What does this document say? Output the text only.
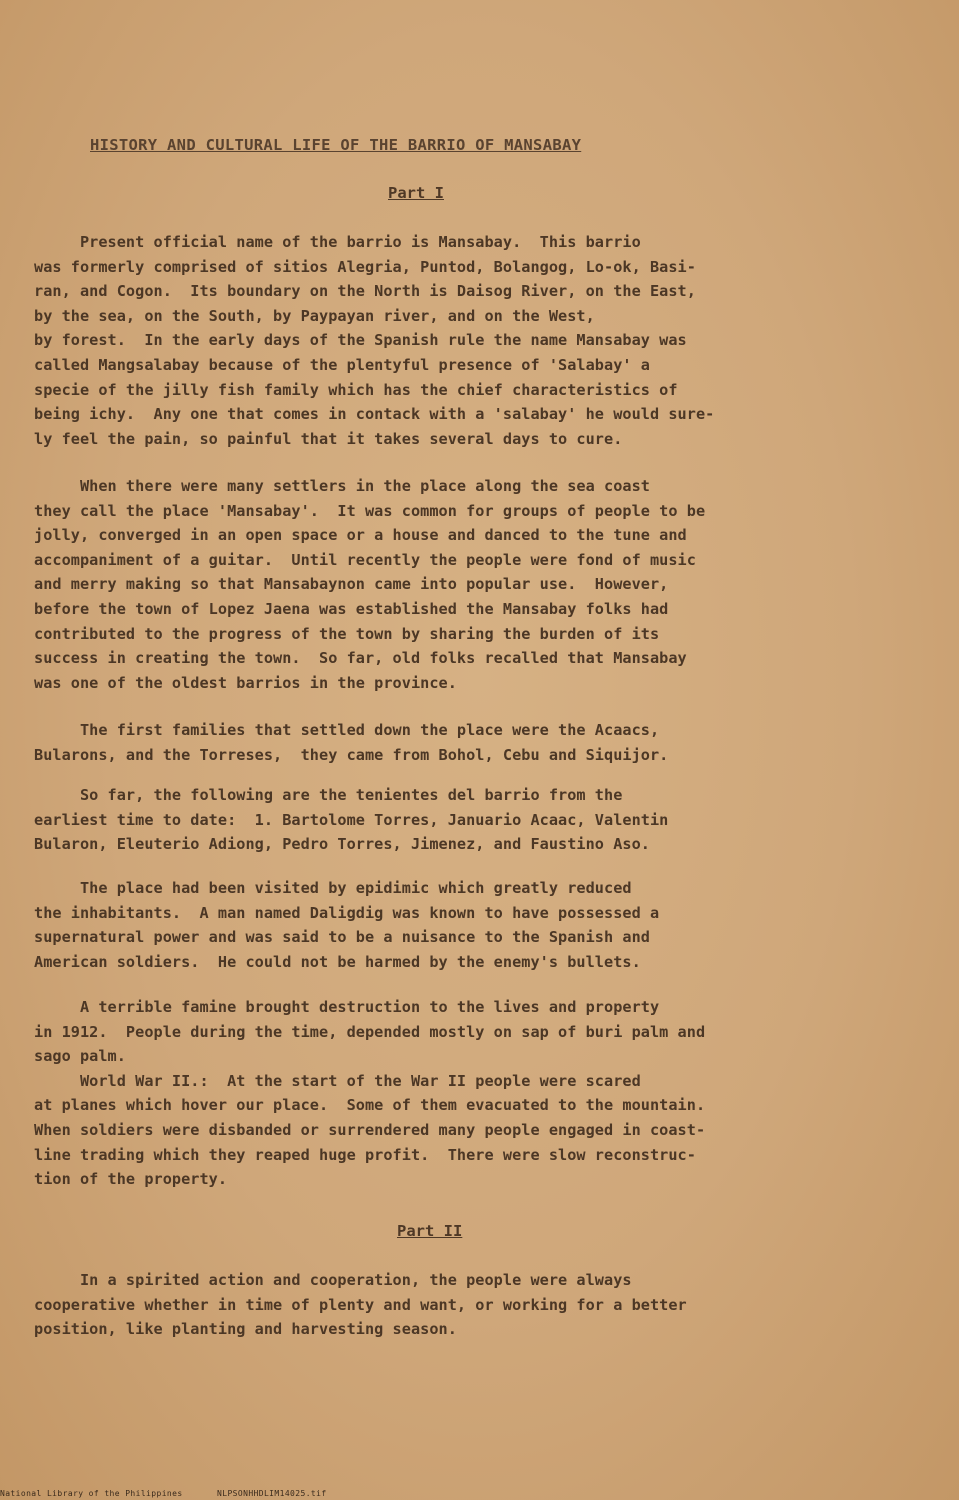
HISTORY AND CULTURAL LIFE OF THE BARRIO OF MANSABAY
Part I
Present official name of the barrio is Mansabay.  This barrio
was formerly comprised of sitios Alegria, Puntod, Bolangog, Lo-ok, Basi-
ran, and Cogon.  Its boundary on the North is Daisog River, on the East,
by the sea, on the South, by Paypayan river, and on the West,
by forest.  In the early days of the Spanish rule the name Mansabay was
called Mangsalabay because of the plentyful presence of 'Salabay' a
specie of the jilly fish family which has the chief characteristics of
being ichy.  Any one that comes in contack with a 'salabay' he would sure-
ly feel the pain, so painful that it takes several days to cure.
When there were many settlers in the place along the sea coast
they call the place 'Mansabay'.  It was common for groups of people to be
jolly, converged in an open space or a house and danced to the tune and
accompaniment of a guitar.  Until recently the people were fond of music
and merry making so that Mansabaynon came into popular use.  However,
before the town of Lopez Jaena was established the Mansabay folks had
contributed to the progress of the town by sharing the burden of its
success in creating the town.  So far, old folks recalled that Mansabay
was one of the oldest barrios in the province.
The first families that settled down the place were the Acaacs,
Bularons, and the Torreses,  they came from Bohol, Cebu and Siquijor.
So far, the following are the tenientes del barrio from the
earliest time to date:  1. Bartolome Torres, Januario Acaac, Valentin
Bularon, Eleuterio Adiong, Pedro Torres, Jimenez, and Faustino Aso.
The place had been visited by epidimic which greatly reduced
the inhabitants.  A man named Daligdig was known to have possessed a
supernatural power and was said to be a nuisance to the Spanish and
American soldiers.  He could not be harmed by the enemy's bullets.
A terrible famine brought destruction to the lives and property
in 1912.  People during the time, depended mostly on sap of buri palm and
sago palm.
World War II.:  At the start of the War II people were scared
at planes which hover our place.  Some of them evacuated to the mountain.
When soldiers were disbanded or surrendered many people engaged in coast-
line trading which they reaped huge profit.  There were slow reconstruc-
tion of the property.
Part II
In a spirited action and cooperation, the people were always
cooperative whether in time of plenty and want, or working for a better
position, like planting and harvesting season.
National Library of the Philippines	NLPSONHHDLIM14025.tif
